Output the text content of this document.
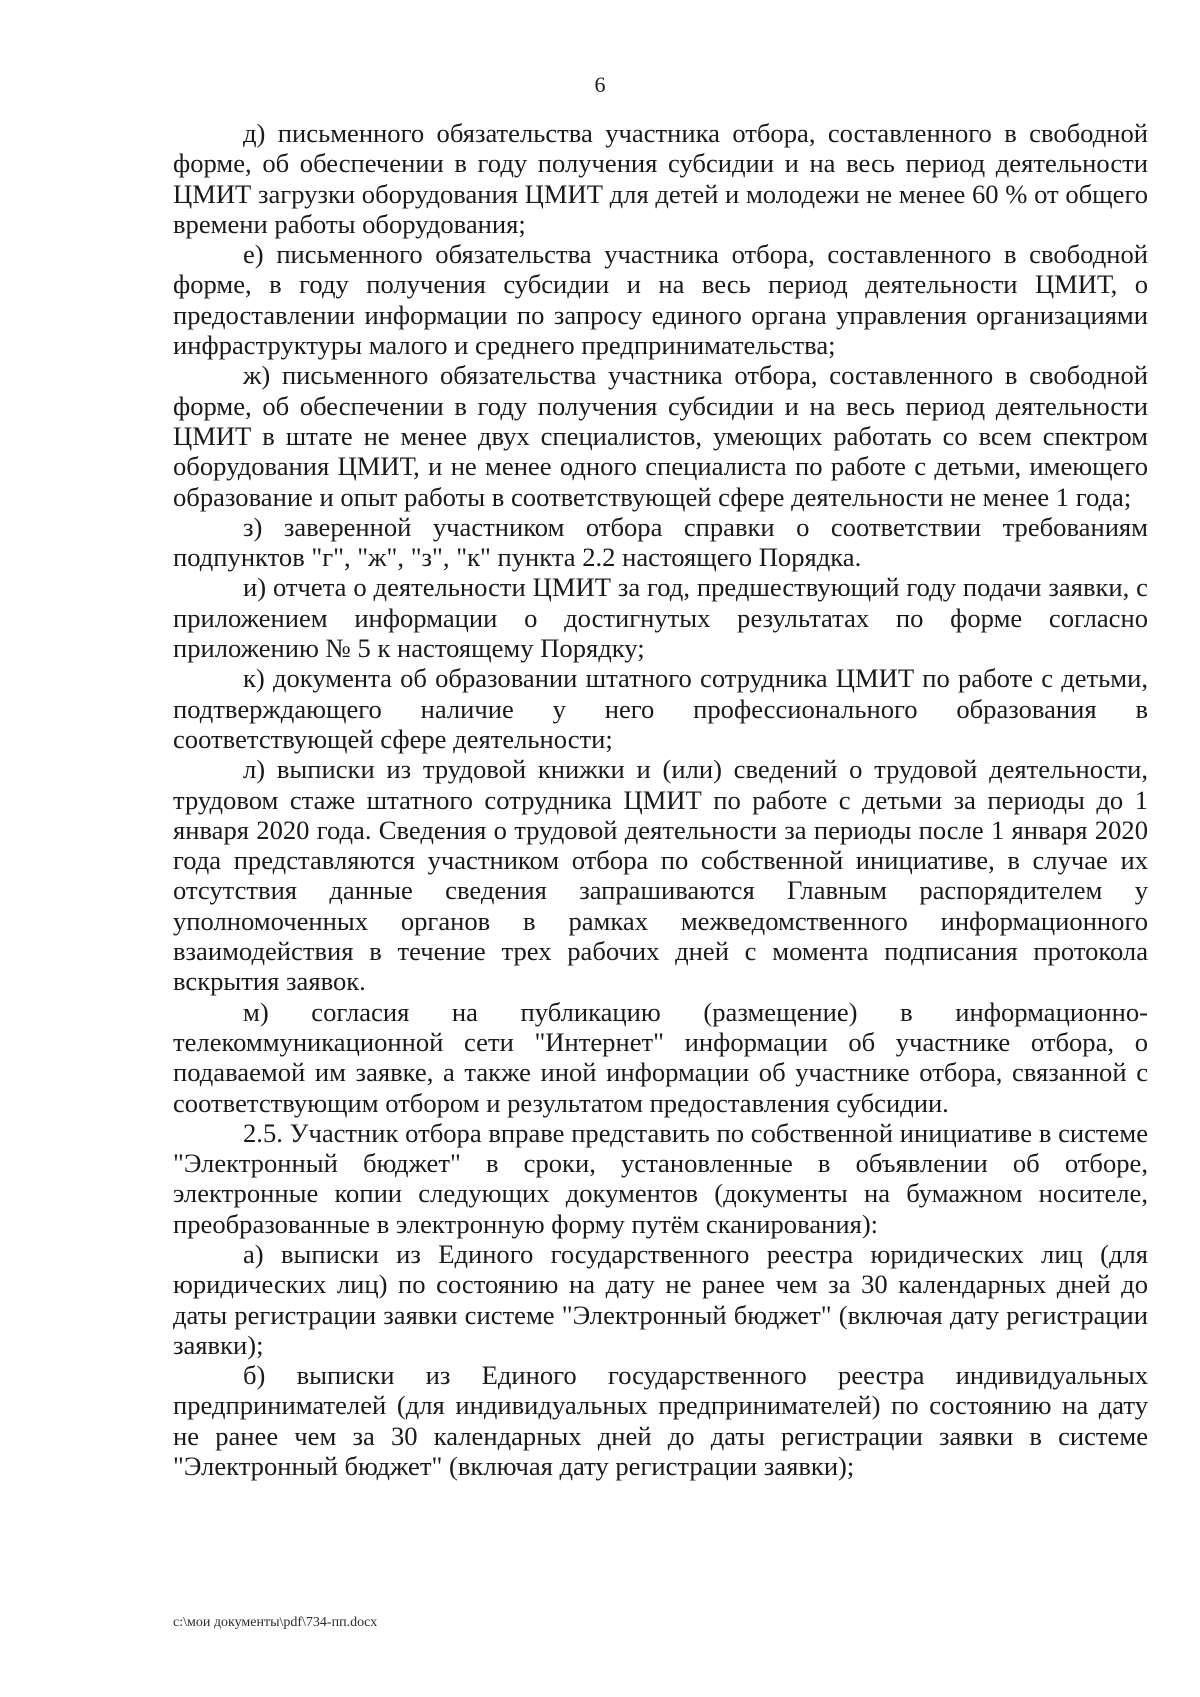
6

д) письменного обязательства участника отбора, составленного в свободной форме, об обеспечении в году получения субсидии и на весь период деятельности ЦМИТ загрузки оборудования ЦМИТ для детей и молодежи не менее 60 % от общего времени работы оборудования;

е) письменного обязательства участника отбора, составленного в свободной форме, в году получения субсидии и на весь период деятельности ЦМИТ, о предоставлении информации по запросу единого органа управления организациями инфраструктуры малого и среднего предпринимательства;

ж) письменного обязательства участника отбора, составленного в свободной форме, об обеспечении в году получения субсидии и на весь период деятельности ЦМИТ в штате не менее двух специалистов, умеющих работать со всем спектром оборудования ЦМИТ, и не менее одного специалиста по работе с детьми, имеющего образование и опыт работы в соответствующей сфере деятельности не менее 1 года;

з) заверенной участником отбора справки о соответствии требованиям подпунктов "г", "ж", "з", "к" пункта 2.2 настоящего Порядка.

и) отчета о деятельности ЦМИТ за год, предшествующий году подачи заявки, с приложением информации о достигнутых результатах по форме согласно приложению № 5 к настоящему Порядку;

к) документа об образовании штатного сотрудника ЦМИТ по работе с детьми, подтверждающего наличие у него профессионального образования в соответствующей сфере деятельности;

л) выписки из трудовой книжки и (или) сведений о трудовой деятельности, трудовом стаже штатного сотрудника ЦМИТ по работе с детьми за периоды до 1 января 2020 года. Сведения о трудовой деятельности за периоды после 1 января 2020 года представляются участником отбора по собственной инициативе, в случае их отсутствия данные сведения запрашиваются Главным распорядителем у уполномоченных органов в рамках межведомственного информационного взаимодействия в течение трех рабочих дней с момента подписания протокола вскрытия заявок.

м) согласия на публикацию (размещение) в информационно-телекоммуникационной сети "Интернет" информации об участнике отбора, о подаваемой им заявке, а также иной информации об участнике отбора, связанной с соответствующим отбором и результатом предоставления субсидии.

2.5. Участник отбора вправе представить по собственной инициативе в системе "Электронный бюджет" в сроки, установленные в объявлении об отборе, электронные копии следующих документов (документы на бумажном носителе, преобразованные в электронную форму путём сканирования):

а) выписки из Единого государственного реестра юридических лиц (для юридических лиц) по состоянию на дату не ранее чем за 30 календарных дней до даты регистрации заявки системе "Электронный бюджет" (включая дату регистрации заявки);

б) выписки из Единого государственного реестра индивидуальных предпринимателей (для индивидуальных предпринимателей) по состоянию на дату не ранее чем за 30 календарных дней до даты регистрации заявки в системе "Электронный бюджет" (включая дату регистрации заявки);

c:\мои документы\pdf\734-пп.docx
